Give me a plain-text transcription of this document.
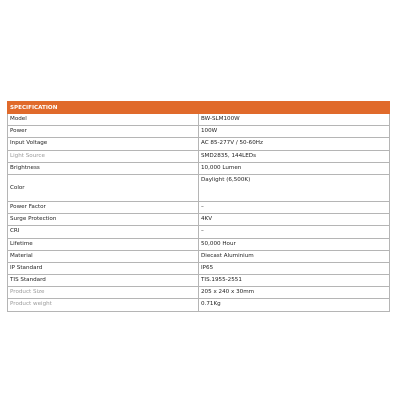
SPECIFICATION	
Model	BW-SLM100W
Power	100W
Input Voltage	AC 85-277V / 50-60Hz
Light Source	SMD2835, 144LEDs
Brightness	10,000 Lumen
Color	Daylight (6,500K)
Power Factor	–
Surge Protection	4KV
CRI	–
Lifetime	50,000 Hour
Material	Diecast Aluminium
IP Standard	IP65
TIS Standard	TIS.1955-2551
Product Size	205 x 240 x 30mm
Product weight	0.71Kg
